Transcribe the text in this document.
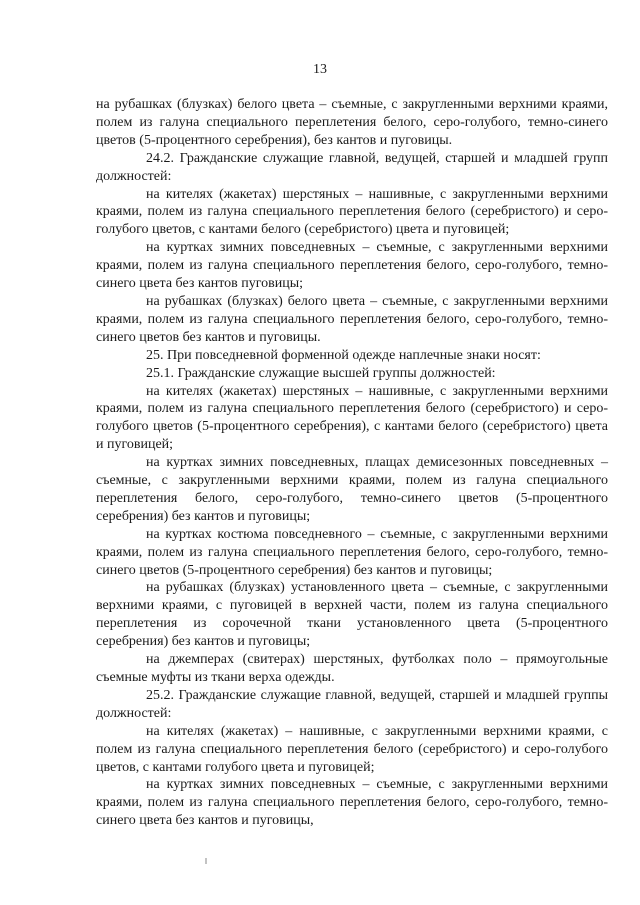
13

на рубашках (блузках) белого цвета – съемные, с закругленными верхними краями, полем из галуна специального переплетения белого, серо-голубого, темно-синего цветов (5-процентного серебрения), без кантов и пуговицы.

24.2. Гражданские служащие главной, ведущей, старшей и младшей групп должностей:

на кителях (жакетах) шерстяных – нашивные, с закругленными верхними краями, полем из галуна специального переплетения белого (серебристого) и серо-голубого цветов, с кантами белого (серебристого) цвета и пуговицей;

на куртках зимних повседневных – съемные, с закругленными верхними краями, полем из галуна специального переплетения белого, серо-голубого, темно-синего цвета без кантов пуговицы;

на рубашках (блузках) белого цвета – съемные, с закругленными верхними краями, полем из галуна специального переплетения белого, серо-голубого, темно-синего цветов без кантов и пуговицы.

25. При повседневной форменной одежде наплечные знаки носят:

25.1. Гражданские служащие высшей группы должностей:

на кителях (жакетах) шерстяных – нашивные, с закругленными верхними краями, полем из галуна специального переплетения белого (серебристого) и серо-голубого цветов (5-процентного серебрения), с кантами белого (серебристого) цвета и пуговицей;

на куртках зимних повседневных, плащах демисезонных повседневных – съемные, с закругленными верхними краями, полем из галуна специального переплетения белого, серо-голубого, темно-синего цветов (5-процентного серебрения) без кантов и пуговицы;

на куртках костюма повседневного – съемные, с закругленными верхними краями, полем из галуна специального переплетения белого, серо-голубого, темно-синего цветов (5-процентного серебрения) без кантов и пуговицы;

на рубашках (блузках) установленного цвета – съемные, с закругленными верхними краями, с пуговицей в верхней части, полем из галуна специального переплетения из сорочечной ткани установленного цвета (5-процентного серебрения) без кантов и пуговицы;

на джемперах (свитерах) шерстяных, футболках поло – прямоугольные съемные муфты из ткани верха одежды.

25.2. Гражданские служащие главной, ведущей, старшей и младшей группы должностей:

на кителях (жакетах) – нашивные, с закругленными верхними краями, с полем из галуна специального переплетения белого (серебристого) и серо-голубого цветов, с кантами голубого цвета и пуговицей;

на куртках зимних повседневных – съемные, с закругленными верхними краями, полем из галуна специального переплетения белого, серо-голубого, темно-синего цвета без кантов и пуговицы,
